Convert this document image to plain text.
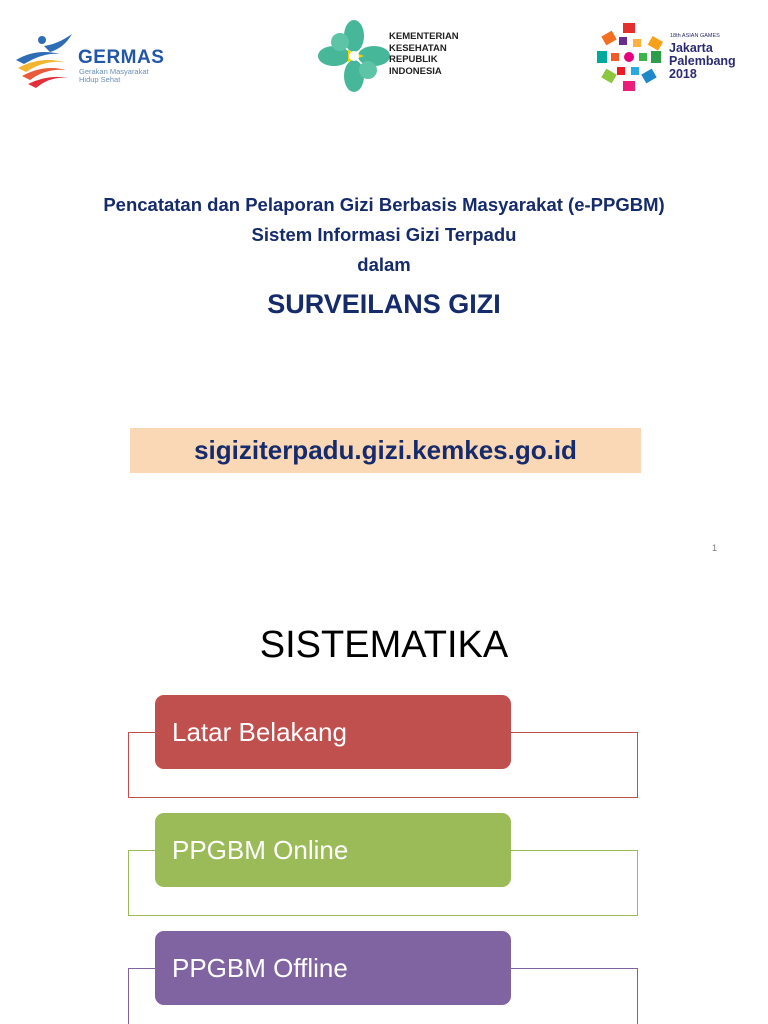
GERMAS
Gerakan Masyarakat
Hidup Sehat
KEMENTERIAN
KESEHATAN
REPUBLIK
INDONESIA
18th ASIAN GAMES
Jakarta
Palembang
2018
Pencatatan dan Pelaporan Gizi Berbasis Masyarakat (e-PPGBM)
Sistem Informasi Gizi Terpadu
dalam
SURVEILANS GIZI
sigiziterpadu.gizi.kemkes.go.id
1
SISTEMATIKA
Latar Belakang
PPGBM Online
PPGBM Offline
